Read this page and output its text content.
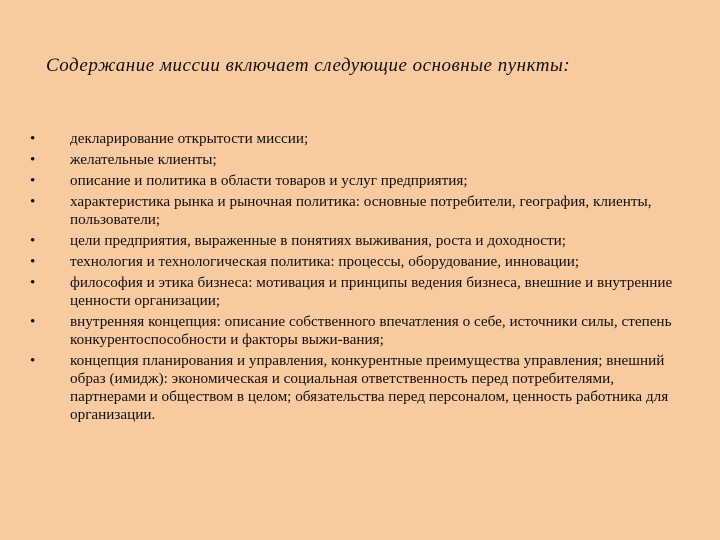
Содержание миссии включает следующие основные пункты:
•	декларирование открытости миссии;
•	желательные клиенты;
•	описание и политика в области товаров и услуг предприятия;
•	характеристика рынка и рыночная политика: основные потребители, география, клиенты, пользователи;
•	цели предприятия, выраженные в понятиях выживания, роста и доходности;
•	технология и технологическая политика: процессы, оборудование, инновации;
•	философия и этика бизнеса: мотивация и принципы ведения бизнеса, внешние и внутренние ценности организации;
•	внутренняя концепция: описание собственного впечатления о себе, источники силы, степень конкурентоспособности и факторы выжи-вания;
•	концепция планирования и управления, конкурентные преимущества управления; внешний образ (имидж): экономическая и социальная ответственность перед потребителями, партнерами и обществом в целом; обязательства перед персоналом, ценность работника для организации.
